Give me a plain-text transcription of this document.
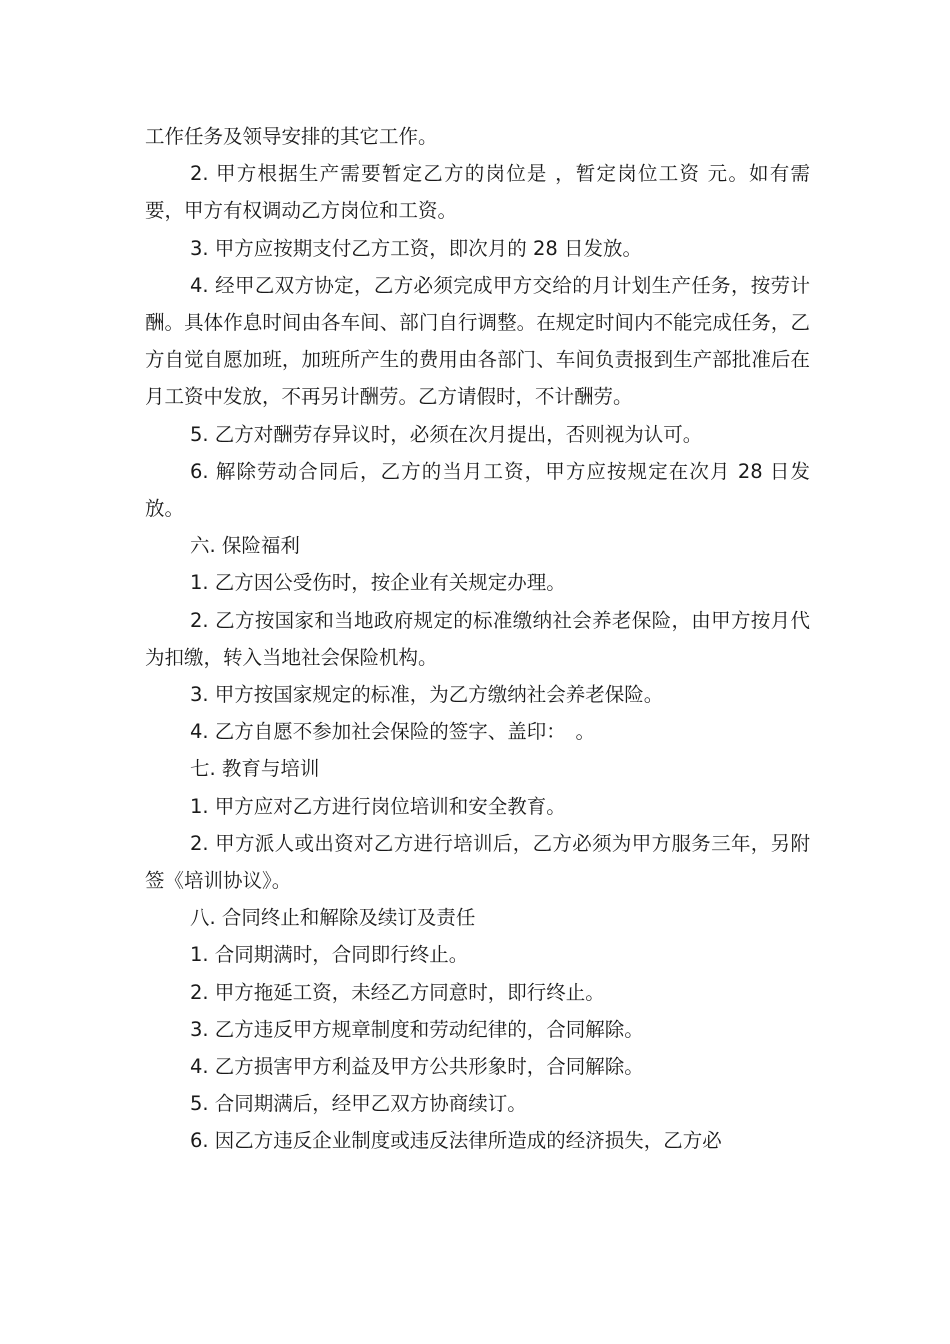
工作任务及领导安排的其它工作。

2. 甲方根据生产需要暂定乙方的岗位是 ，暂定岗位工资 元。如有需要，甲方有权调动乙方岗位和工资。

3. 甲方应按期支付乙方工资，即次月的 28 日发放。

4. 经甲乙双方协定，乙方必须完成甲方交给的月计划生产任务，按劳计酬。具体作息时间由各车间、部门自行调整。在规定时间内不能完成任务，乙方自觉自愿加班，加班所产生的费用由各部门、车间负责报到生产部批准后在月工资中发放，不再另计酬劳。乙方请假时，不计酬劳。

5. 乙方对酬劳存异议时，必须在次月提出，否则视为认可。

6. 解除劳动合同后，乙方的当月工资，甲方应按规定在次月 28 日发放。

六. 保险福利

1. 乙方因公受伤时，按企业有关规定办理。

2. 乙方按国家和当地政府规定的标准缴纳社会养老保险，由甲方按月代为扣缴，转入当地社会保险机构。

3. 甲方按国家规定的标准，为乙方缴纳社会养老保险。

4. 乙方自愿不参加社会保险的签字、盖印：　。

七. 教育与培训

1. 甲方应对乙方进行岗位培训和安全教育。

2. 甲方派人或出资对乙方进行培训后，乙方必须为甲方服务三年，另附签《培训协议》。

八. 合同终止和解除及续订及责任

1. 合同期满时，合同即行终止。

2. 甲方拖延工资，未经乙方同意时，即行终止。

3. 乙方违反甲方规章制度和劳动纪律的，合同解除。

4. 乙方损害甲方利益及甲方公共形象时，合同解除。

5. 合同期满后，经甲乙双方协商续订。

6. 因乙方违反企业制度或违反法律所造成的经济损失，乙方必
